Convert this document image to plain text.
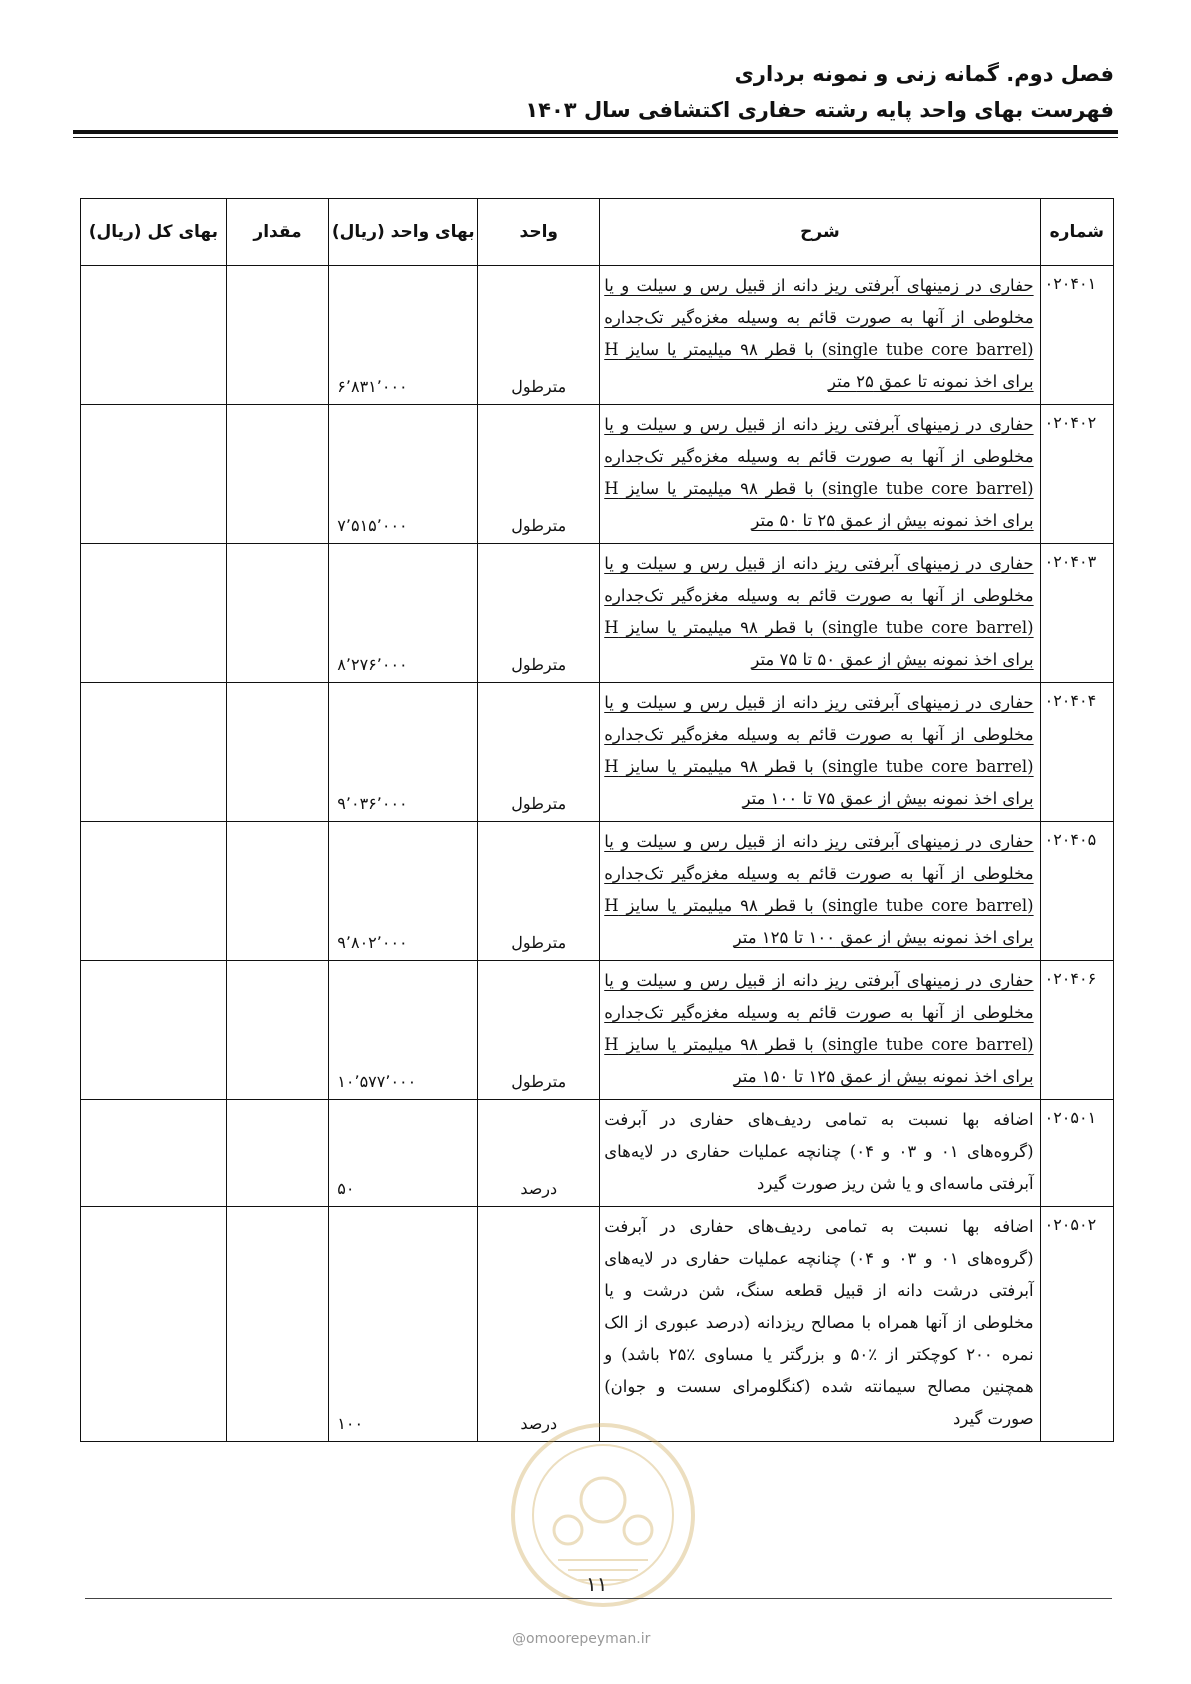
فصل دوم. گمانه زنی و نمونه برداری
فهرست بهای واحد پایه رشته حفاری اکتشافی سال ۱۴۰۳
شماره	شرح	واحد	بهای واحد (ریال)	مقدار	بهای کل (ریال)
۰۲۰۴۰۱	حفاری در زمینهای آبرفتی ریز دانه از قبیل رس و سیلت و یا مخلوطی از آنها به صورت قائم به وسیله مغزه‌گیر تک‌جداره (single tube core barrel) با قطر ۹۸ میلیمتر یا سایز H برای اخذ نمونه تا عمق ۲۵ متر	مترطول	۶٬۸۳۱٬۰۰۰		
۰۲۰۴۰۲	حفاری در زمینهای آبرفتی ریز دانه از قبیل رس و سیلت و یا مخلوطی از آنها به صورت قائم به وسیله مغزه‌گیر تک‌جداره (single tube core barrel) با قطر ۹۸ میلیمتر یا سایز H برای اخذ نمونه بیش از عمق ۲۵ تا ۵۰ متر	مترطول	۷٬۵۱۵٬۰۰۰		
۰۲۰۴۰۳	حفاری در زمینهای آبرفتی ریز دانه از قبیل رس و سیلت و یا مخلوطی از آنها به صورت قائم به وسیله مغزه‌گیر تک‌جداره (single tube core barrel) با قطر ۹۸ میلیمتر یا سایز H برای اخذ نمونه بیش از عمق ۵۰ تا ۷۵ متر	مترطول	۸٬۲۷۶٬۰۰۰		
۰۲۰۴۰۴	حفاری در زمینهای آبرفتی ریز دانه از قبیل رس و سیلت و یا مخلوطی از آنها به صورت قائم به وسیله مغزه‌گیر تک‌جداره (single tube core barrel) با قطر ۹۸ میلیمتر یا سایز H برای اخذ نمونه بیش از عمق ۷۵ تا ۱۰۰ متر	مترطول	۹٬۰۳۶٬۰۰۰		
۰۲۰۴۰۵	حفاری در زمینهای آبرفتی ریز دانه از قبیل رس و سیلت و یا مخلوطی از آنها به صورت قائم به وسیله مغزه‌گیر تک‌جداره (single tube core barrel) با قطر ۹۸ میلیمتر یا سایز H برای اخذ نمونه بیش از عمق ۱۰۰ تا ۱۲۵ متر	مترطول	۹٬۸۰۲٬۰۰۰		
۰۲۰۴۰۶	حفاری در زمینهای آبرفتی ریز دانه از قبیل رس و سیلت و یا مخلوطی از آنها به صورت قائم به وسیله مغزه‌گیر تک‌جداره (single tube core barrel) با قطر ۹۸ میلیمتر یا سایز H برای اخذ نمونه بیش از عمق ۱۲۵ تا ۱۵۰ متر	مترطول	۱۰٬۵۷۷٬۰۰۰		
۰۲۰۵۰۱	اضافه بها نسبت به تمامی ردیف‌های حفاری در آبرفت (گروه‌های ۰۱ و ۰۳ و ۰۴) چنانچه عملیات حفاری در لایه‌های آبرفتی ماسه‌ای و یا شن ریز صورت گیرد	درصد	۵۰		
۰۲۰۵۰۲	اضافه بها نسبت به تمامی ردیف‌های حفاری در آبرفت (گروه‌های ۰۱ و ۰۳ و ۰۴) چنانچه عملیات حفاری در لایه‌های آبرفتی درشت دانه از قبیل قطعه سنگ، شن درشت و یا مخلوطی از آنها همراه با مصالح ریزدانه (درصد عبوری از الک نمره ۲۰۰ کوچکتر از ٪۵۰ و بزرگتر یا مساوی ٪۲۵ باشد) و همچنین مصالح سیمانته شده (کنگلومرای سست و جوان) صورت گیرد	درصد	۱۰۰		
۱۱
@omoorepeyman.ir
